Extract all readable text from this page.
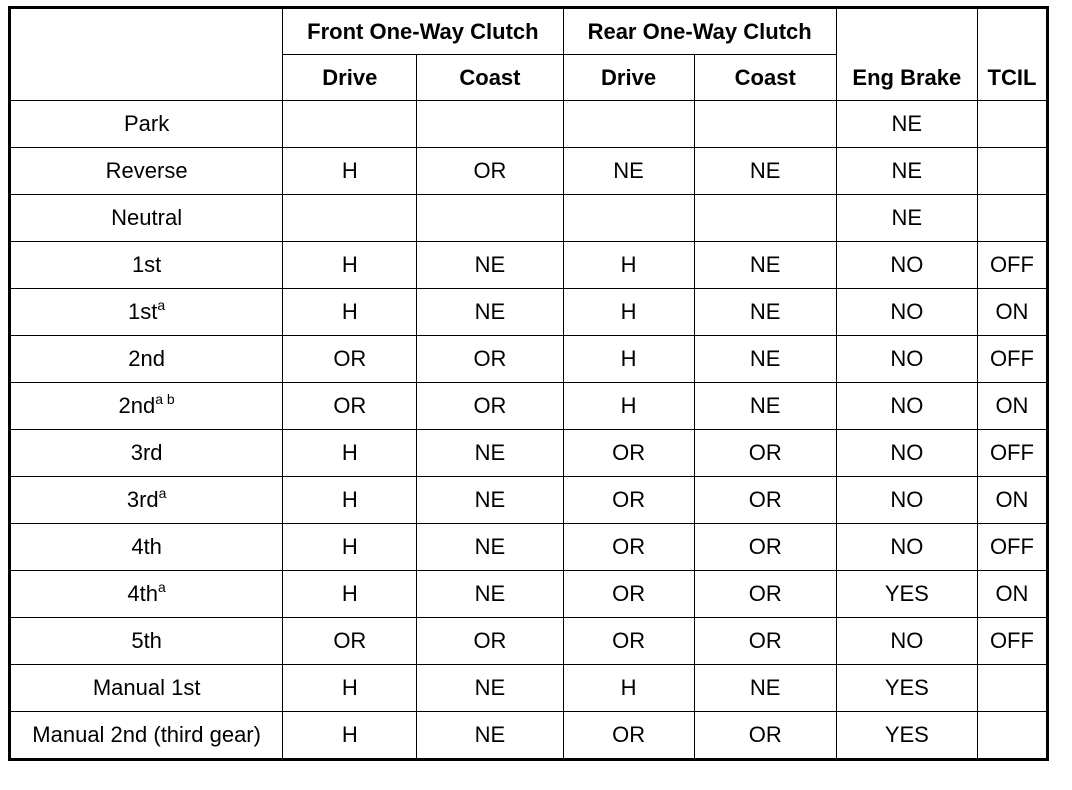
	Front One-Way Clutch		Rear One-Way Clutch		Eng Brake	TCIL
	Drive	Coast	Drive	Coast		
Park					NE	
Reverse	H	OR	NE	NE	NE	
Neutral					NE	
1st	H	NE	H	NE	NO	OFF
1st$^a$	H	NE	H	NE	NO	ON
2nd	OR	OR	H	NE	NO	OFF
2nd$^{a b}$	OR	OR	H	NE	NO	ON
3rd	H	NE	OR	OR	NO	OFF
3rd$^a$	H	NE	OR	OR	NO	ON
4th	H	NE	OR	OR	NO	OFF
4th$^a$	H	NE	OR	OR	YES	ON
5th	OR	OR	OR	OR	NO	OFF
Manual 1st	H	NE	H	NE	YES	
Manual 2nd (third gear)	H	NE	OR	OR	YES	
